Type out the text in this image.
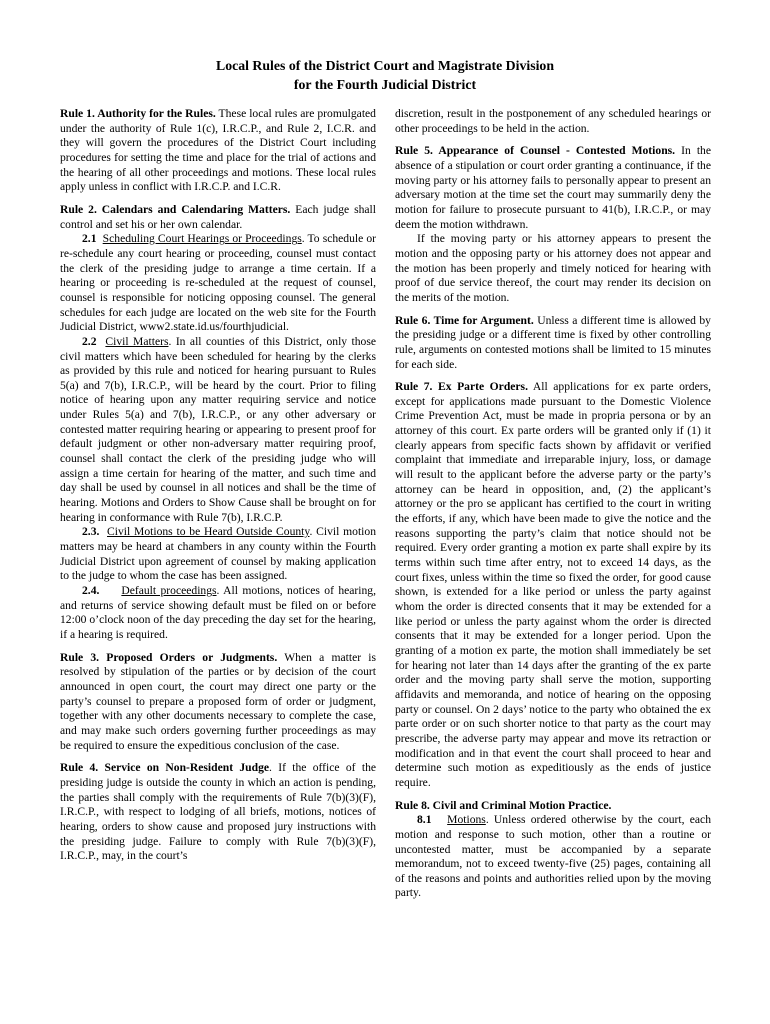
Local Rules of the District Court and Magistrate Division
for the Fourth Judicial District

Rule 1. Authority for the Rules. These local rules are promulgated under the authority of Rule 1(c), I.R.C.P., and Rule 2, I.C.R. and they will govern the procedures of the District Court including procedures for setting the time and place for the trial of actions and the hearing of all other proceedings and motions. These local rules apply unless in conflict with I.R.C.P. and I.C.R.

Rule 2. Calendars and Calendaring Matters. Each judge shall control and set his or her own calendar.

2.1 Scheduling Court Hearings or Proceedings. To schedule or re-schedule any court hearing or proceeding, counsel must contact the clerk of the presiding judge to arrange a time certain. If a hearing or proceeding is re-scheduled at the request of counsel, counsel is responsible for noticing opposing counsel. The general schedules for each judge are located on the web site for the Fourth Judicial District, www2.state.id.us/fourthjudicial.

2.2 Civil Matters. In all counties of this District, only those civil matters which have been scheduled for hearing by the clerks as provided by this rule and noticed for hearing pursuant to Rules 5(a) and 7(b), I.R.C.P., will be heard by the court. Prior to filing notice of hearing upon any matter requiring service and notice under Rules 5(a) and 7(b), I.R.C.P., or any other adversary or contested matter requiring hearing or appearing to present proof for default judgment or other non-adversary matter requiring proof, counsel shall contact the clerk of the presiding judge who will assign a time certain for hearing of the matter, and such time and day shall be used by counsel in all notices and shall be the time of hearing. Motions and Orders to Show Cause shall be brought on for hearing in conformance with Rule 7(b), I.R.C.P.

2.3. Civil Motions to be Heard Outside County. Civil motion matters may be heard at chambers in any county within the Fourth Judicial District upon agreement of counsel by making application to the judge to whom the case has been assigned.

2.4. Default proceedings. All motions, notices of hearing, and returns of service showing default must be filed on or before 12:00 o’clock noon of the day preceding the day set for the hearing, if a hearing is required.

Rule 3. Proposed Orders or Judgments. When a matter is resolved by stipulation of the parties or by decision of the court announced in open court, the court may direct one party or the party’s counsel to prepare a proposed form of order or judgment, together with any other documents necessary to complete the case, and may make such orders governing further proceedings as may be required to ensure the expeditious conclusion of the case.

Rule 4. Service on Non-Resident Judge. If the office of the presiding judge is outside the county in which an action is pending, the parties shall comply with the requirements of Rule 7(b)(3)(F), I.R.C.P., with respect to lodging of all briefs, motions, notices of hearing, orders to show cause and proposed jury instructions with the presiding judge. Failure to comply with Rule 7(b)(3)(F), I.R.C.P., may, in the court’s

discretion, result in the postponement of any scheduled hearings or other proceedings to be held in the action.

Rule 5. Appearance of Counsel - Contested Motions. In the absence of a stipulation or court order granting a continuance, if the moving party or his attorney fails to personally appear to present an adversary motion at the time set the court may summarily deny the motion for failure to prosecute pursuant to 41(b), I.R.C.P., or may deem the motion withdrawn.

If the moving party or his attorney appears to present the motion and the opposing party or his attorney does not appear and the motion has been properly and timely noticed for hearing with proof of due service thereof, the court may render its decision on the merits of the motion.

Rule 6. Time for Argument. Unless a different time is allowed by the presiding judge or a different time is fixed by other controlling rule, arguments on contested motions shall be limited to 15 minutes for each side.

Rule 7. Ex Parte Orders. All applications for ex parte orders, except for applications made pursuant to the Domestic Violence Crime Prevention Act, must be made in propria persona or by an attorney of this court. Ex parte orders will be granted only if (1) it clearly appears from specific facts shown by affidavit or verified complaint that immediate and irreparable injury, loss, or damage will result to the applicant before the adverse party or the party’s attorney can be heard in opposition, and, (2) the applicant’s attorney or the pro se applicant has certified to the court in writing the efforts, if any, which have been made to give the notice and the reasons supporting the party’s claim that notice should not be required. Every order granting a motion ex parte shall expire by its terms within such time after entry, not to exceed 14 days, as the court fixes, unless within the time so fixed the order, for good cause shown, is extended for a like period or unless the party against whom the order is directed consents that it may be extended for a like period or unless the party against whom the order is directed consents that it may be extended for a longer period. Upon the granting of a motion ex parte, the motion shall immediately be set for hearing not later than 14 days after the granting of the ex parte order and the moving party shall serve the motion, supporting affidavits and memoranda, and notice of hearing on the opposing party or counsel. On 2 days’ notice to the party who obtained the ex parte order or on such shorter notice to that party as the court may prescribe, the adverse party may appear and move its retraction or modification and in that event the court shall proceed to hear and determine such motion as expeditiously as the ends of justice require.

Rule 8. Civil and Criminal Motion Practice.

8.1 Motions. Unless ordered otherwise by the court, each motion and response to such motion, other than a routine or uncontested matter, must be accompanied by a separate memorandum, not to exceed twenty-five (25) pages, containing all of the reasons and points and authorities relied upon by the moving party.
